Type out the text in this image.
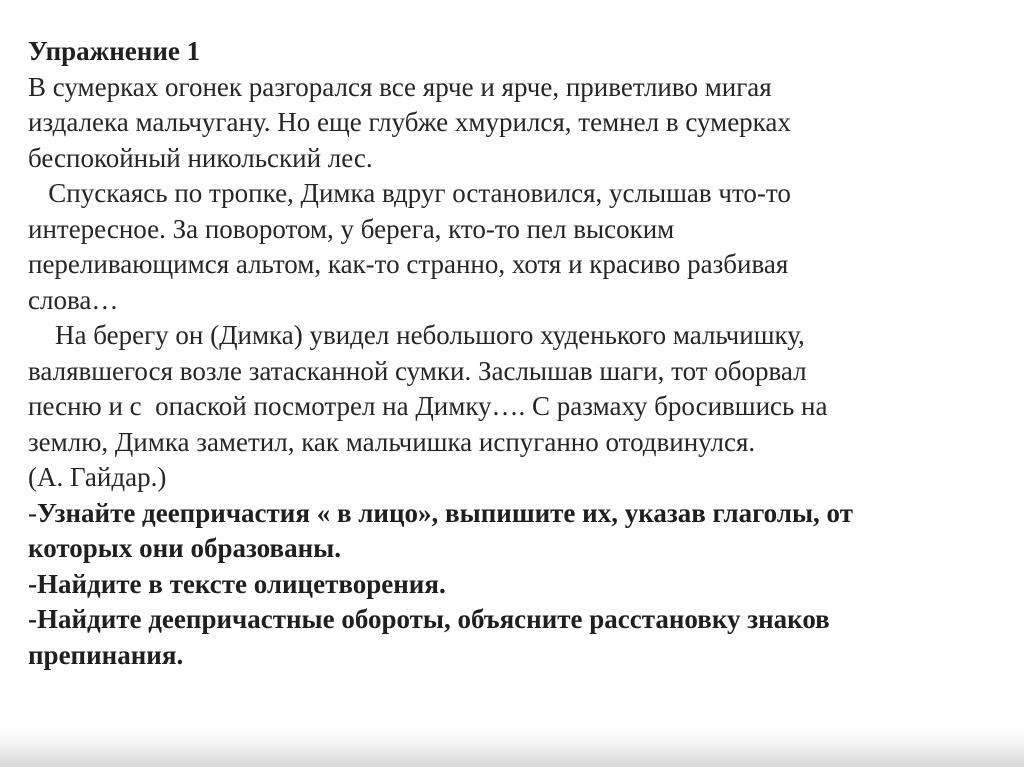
Упражнение 1
В сумерках огонек разгорался все ярче и ярче, приветливо мигая
издалека мальчугану. Но еще глубже хмурился, темнел в сумерках
беспокойный никольский лес.
Спускаясь по тропке, Димка вдруг остановился, услышав что-то
интересное. За поворотом, у берега, кто-то пел высоким
переливающимся альтом, как-то странно, хотя и красиво разбивая
слова…
На берегу он (Димка) увидел небольшого худенького мальчишку,
валявшегося возле затасканной сумки. Заслышав шаги, тот оборвал
песню и с  опаской посмотрел на Димку…. С размаху бросившись на
землю, Димка заметил, как мальчишка испуганно отодвинулся.
(А. Гайдар.)
-Узнайте деепричастия « в лицо», выпишите их, указав глаголы, от
которых они образованы.
-Найдите в тексте олицетворения.
-Найдите деепричастные обороты, объясните расстановку знаков
препинания.
